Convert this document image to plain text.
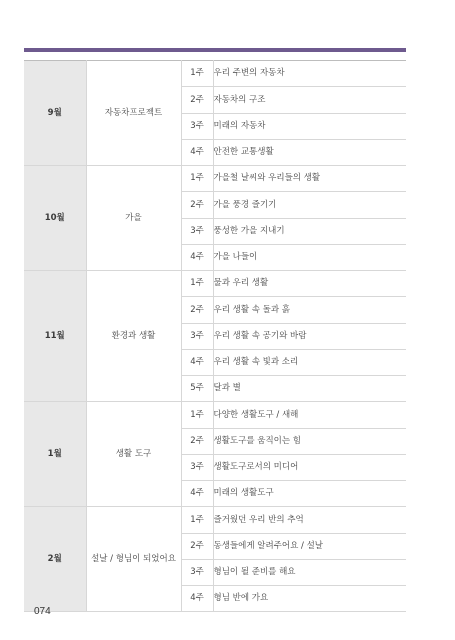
9월	자동차프로젝트	1주	우리 주변의 자동차
		2주	자동차의 구조
		3주	미래의 자동차
		4주	안전한 교통생활
10월	가을	1주	가을철 날씨와 우리들의 생활
		2주	가을 풍경 즐기기
		3주	풍성한 가을 지내기
		4주	가을 나들이
11월	환경과 생활	1주	물과 우리 생활
		2주	우리 생활 속 돌과 흙
		3주	우리 생활 속 공기와 바람
		4주	우리 생활 속 빛과 소리
		5주	달과 별
1월	생활 도구	1주	다양한 생활도구 / 새해
		2주	생활도구를 움직이는 힘
		3주	생활도구로서의 미디어
		4주	미래의 생활도구
2월	설날 / 형님이 되었어요	1주	즐거웠던 우리 반의 추억
		2주	동생들에게 알려주어요 / 설날
		3주	형님이 될 준비를 해요
		4주	형님 반에 가요
074
